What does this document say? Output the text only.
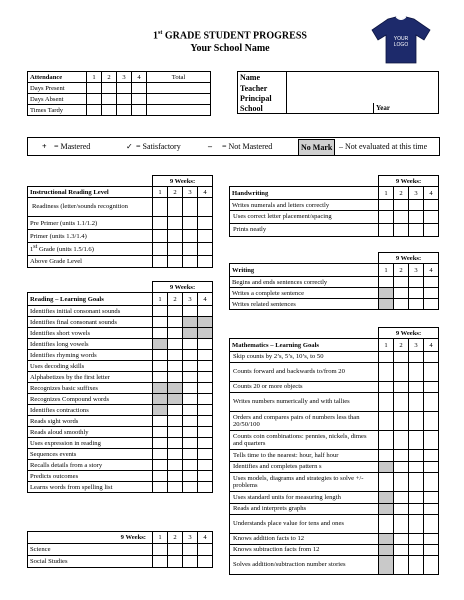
1st GRADE STUDENT PROGRESS
Your School Name
YOUR
LOGO
Attendance	1	2	3	4	Total
Days Present					
Days Absent					
Times Tardy					
Name		
Teacher		
Principal		
School		Year
+ = Mastered	✓ = Satisfactory	– = Not Mastered	No Mark – Not evaluated at this time
	9 Weeks:			
Instructional Reading Level	1	2	3	4
Readiness (letter/sounds recognition				
Pre Primer (units 1.1/1.2)				
Primer (units 1.3/1.4)				
1st Grade (units 1.5/1.6)				
Above Grade Level				
	9 Weeks:			
Reading – Learning Goals	1	2	3	4
Identifies initial consonant sounds				
Identifies final consonant sounds				
Identifies short vowels				
Identifies long vowels				
Identifies rhyming words				
Uses decoding skills				
Alphabetizes by the first letter				
Recognizes basic suffixes				
Recognizes Compound words				
Identifies contractions				
Reads sight words				
Reads aloud smoothly				
Uses expression in reading				
Sequences events				
Recalls details from a story				
Predicts outcomes				
Learns words from spelling list				
9 Weeks:	1	2	3	4
Science				
Social Studies				
	9 Weeks:			
Handwriting	1	2	3	4
Writes numerals and letters correctly				
Uses correct letter placement/spacing				
Prints neatly				
	9 Weeks:			
Writing	1	2	3	4
Begins and ends sentences correctly				
Writes a complete sentence				
Writes related sentences				
	9 Weeks:			
Mathematics – Learning Goals	1	2	3	4
Skip counts by 2’s, 5’s, 10’s, to 50				
Counts forward and backwards to/from 20				
Counts 20 or more objects				
Writes numbers numerically and with tallies				
Orders and compares pairs of numbers less than 20/50/100				
Counts coin combinations: pennies, nickels, dimes and quarters				
Tells time to the nearest: hour, half hour				
Identifies and completes pattern s				
Uses models, diagrams and strategies to solve +/- problems				
Uses standard units for measuring length				
Reads and interprets graphs				
Understands place value for tens and ones				
Knows addition facts to 12				
Knows subtraction facts from 12				
Solves addition/subtraction number stories				
